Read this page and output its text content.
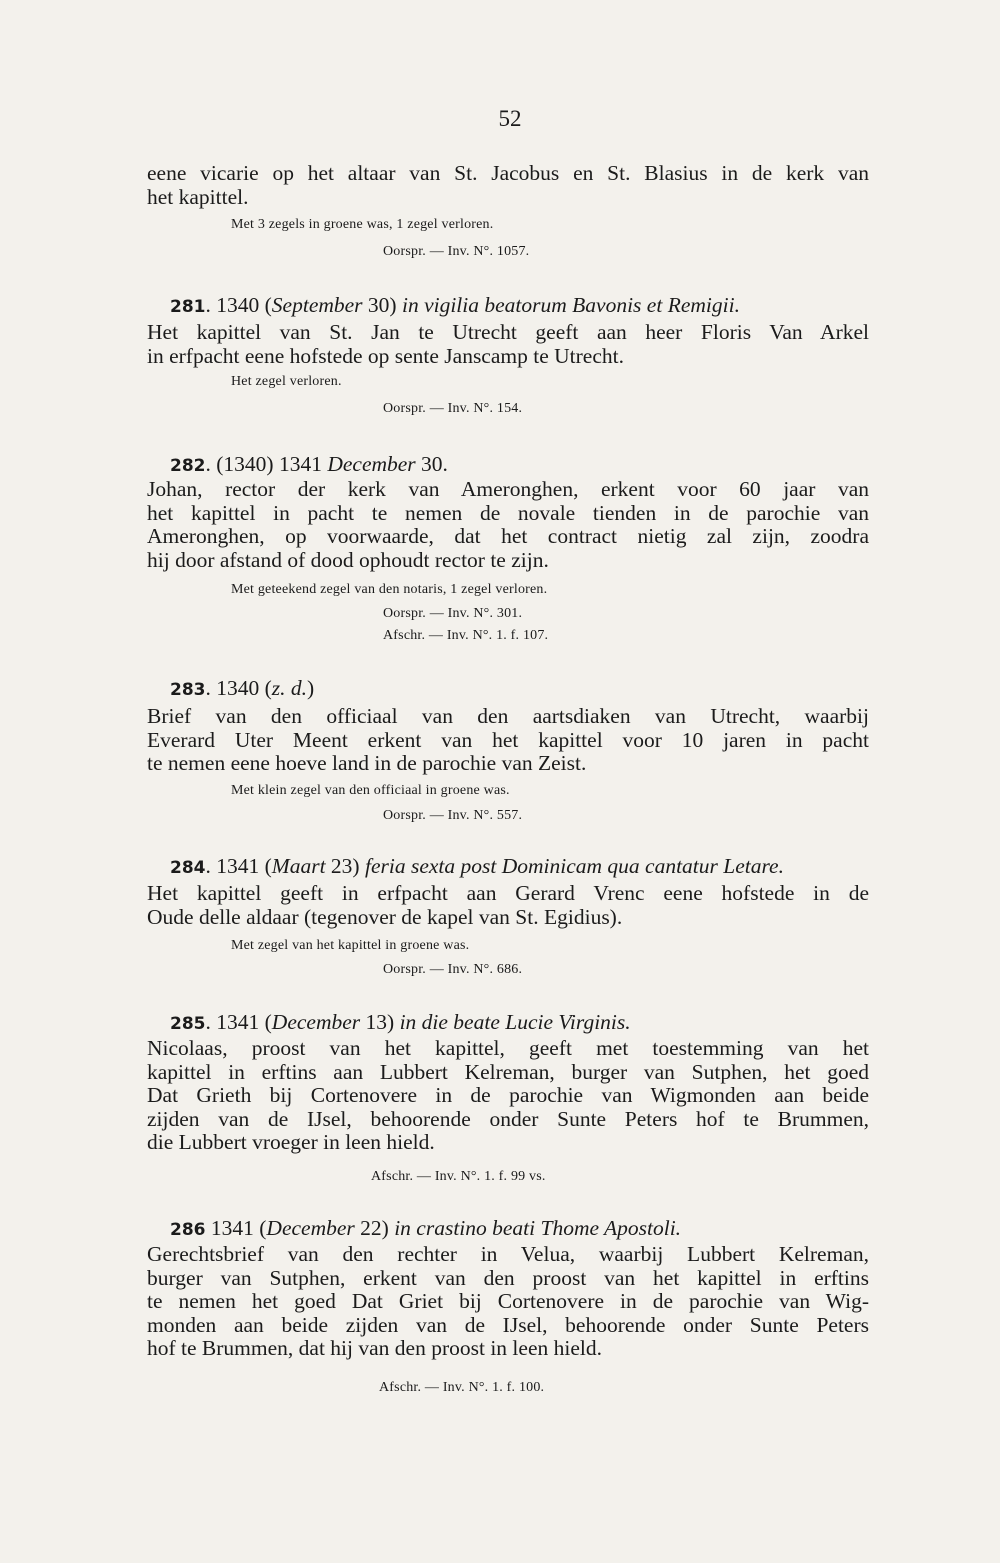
52
eene vicarie op het altaar van St. Jacobus en St. Blasius in de kerk van
het kapittel.
Met 3 zegels in groene was, 1 zegel verloren.
Oorspr. — Inv. N°. 1057.
281. 1340 (September 30) in vigilia beatorum Bavonis et Remigii.
Het kapittel van St. Jan te Utrecht geeft aan heer Floris Van Arkel
in erfpacht eene hofstede op sente Janscamp te Utrecht.
Het zegel verloren.
Oorspr. — Inv. N°. 154.
282. (1340) 1341 December 30.
Johan, rector der kerk van Ameronghen, erkent voor 60 jaar van
het kapittel in pacht te nemen de novale tienden in de parochie van
Ameronghen, op voorwaarde, dat het contract nietig zal zijn, zoodra
hij door afstand of dood ophoudt rector te zijn.
Met geteekend zegel van den notaris, 1 zegel verloren.
Oorspr. — Inv. N°. 301.
Afschr. — Inv. N°. 1. f. 107.
283. 1340 (z. d.)
Brief van den officiaal van den aartsdiaken van Utrecht, waarbij
Everard Uter Meent erkent van het kapittel voor 10 jaren in pacht
te nemen eene hoeve land in de parochie van Zeist.
Met klein zegel van den officiaal in groene was.
Oorspr. — Inv. N°. 557.
284. 1341 (Maart 23) feria sexta post Dominicam qua cantatur Letare.
Het kapittel geeft in erfpacht aan Gerard Vrenc eene hofstede in de
Oude delle aldaar (tegenover de kapel van St. Egidius).
Met zegel van het kapittel in groene was.
Oorspr. — Inv. N°. 686.
285. 1341 (December 13) in die beate Lucie Virginis.
Nicolaas, proost van het kapittel, geeft met toestemming van het
kapittel in erftins aan Lubbert Kelreman, burger van Sutphen, het goed
Dat Grieth bij Cortenovere in de parochie van Wigmonden aan beide
zijden van de IJsel, behoorende onder Sunte Peters hof te Brummen,
die Lubbert vroeger in leen hield.
Afschr. — Inv. N°. 1. f. 99 vs.
286 1341 (December 22) in crastino beati Thome Apostoli.
Gerechtsbrief van den rechter in Velua, waarbij Lubbert Kelreman,
burger van Sutphen, erkent van den proost van het kapittel in erftins
te nemen het goed Dat Griet bij Cortenovere in de parochie van Wig-
monden aan beide zijden van de IJsel, behoorende onder Sunte Peters
hof te Brummen, dat hij van den proost in leen hield.
Afschr. — Inv. N°. 1. f. 100.
